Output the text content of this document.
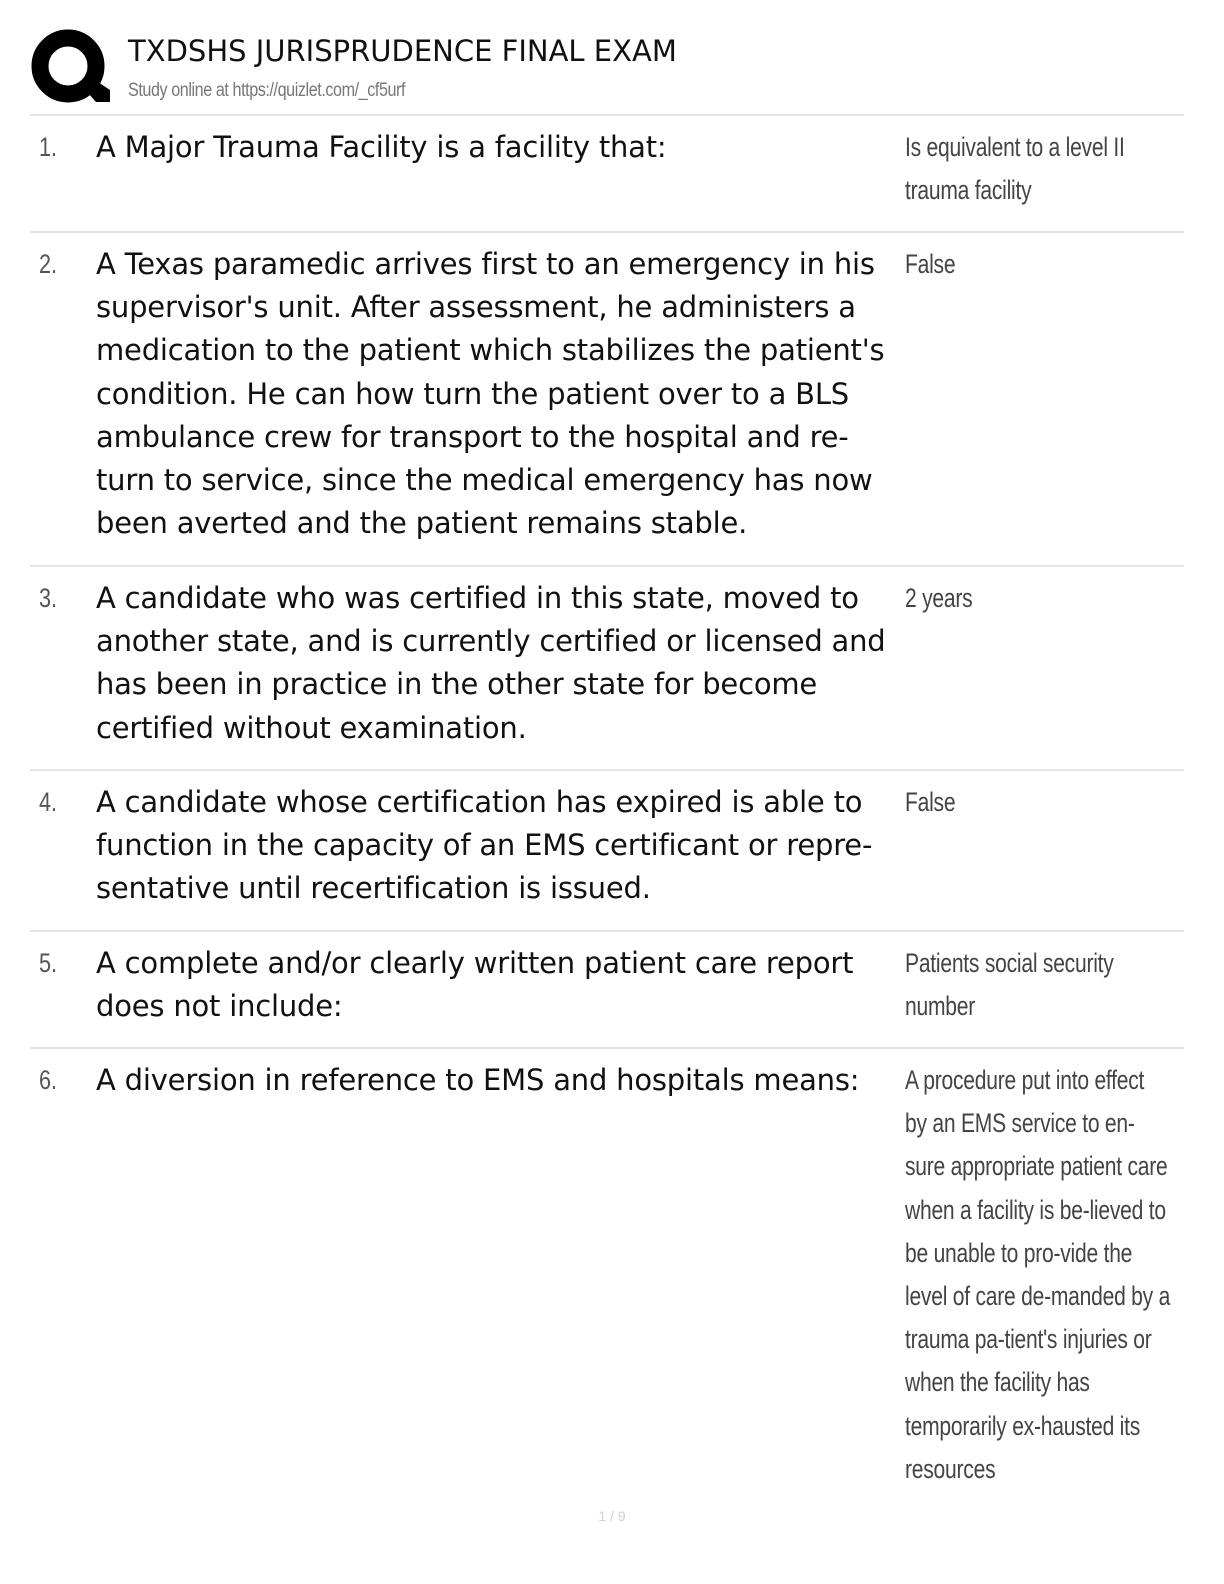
TXDSHS JURISPRUDENCE FINAL EXAM
Study online at https://quizlet.com/_cf5urf
1. A Major Trauma Facility is a facility that:	Is equivalent to a level II trauma facility
2. A Texas paramedic arrives first to an emergency in his supervisor's unit. After assessment, he administers a medication to the patient which stabilizes the patient's condition. He can how turn the patient over to a BLS ambulance crew for transport to the hospital and re-turn to service, since the medical emergency has now been averted and the patient remains stable.
False
3. A candidate who was certified in this state, moved to another state, and is currently certified or licensed and has been in practice in the other state for become certified without examination.
2 years
4. A candidate whose certification has expired is able to function in the capacity of an EMS certificant or repre-sentative until recertification is issued.
False
5. A complete and/or clearly written patient care report does not include:
Patients social security number
6. A diversion in reference to EMS and hospitals means:	A procedure put into effect by an EMS service to en-sure appropriate patient care when a facility is be-lieved to be unable to pro-vide the level of care de-manded by a trauma pa-tient's injuries or when the facility has temporarily ex-hausted its resources
1 / 9
